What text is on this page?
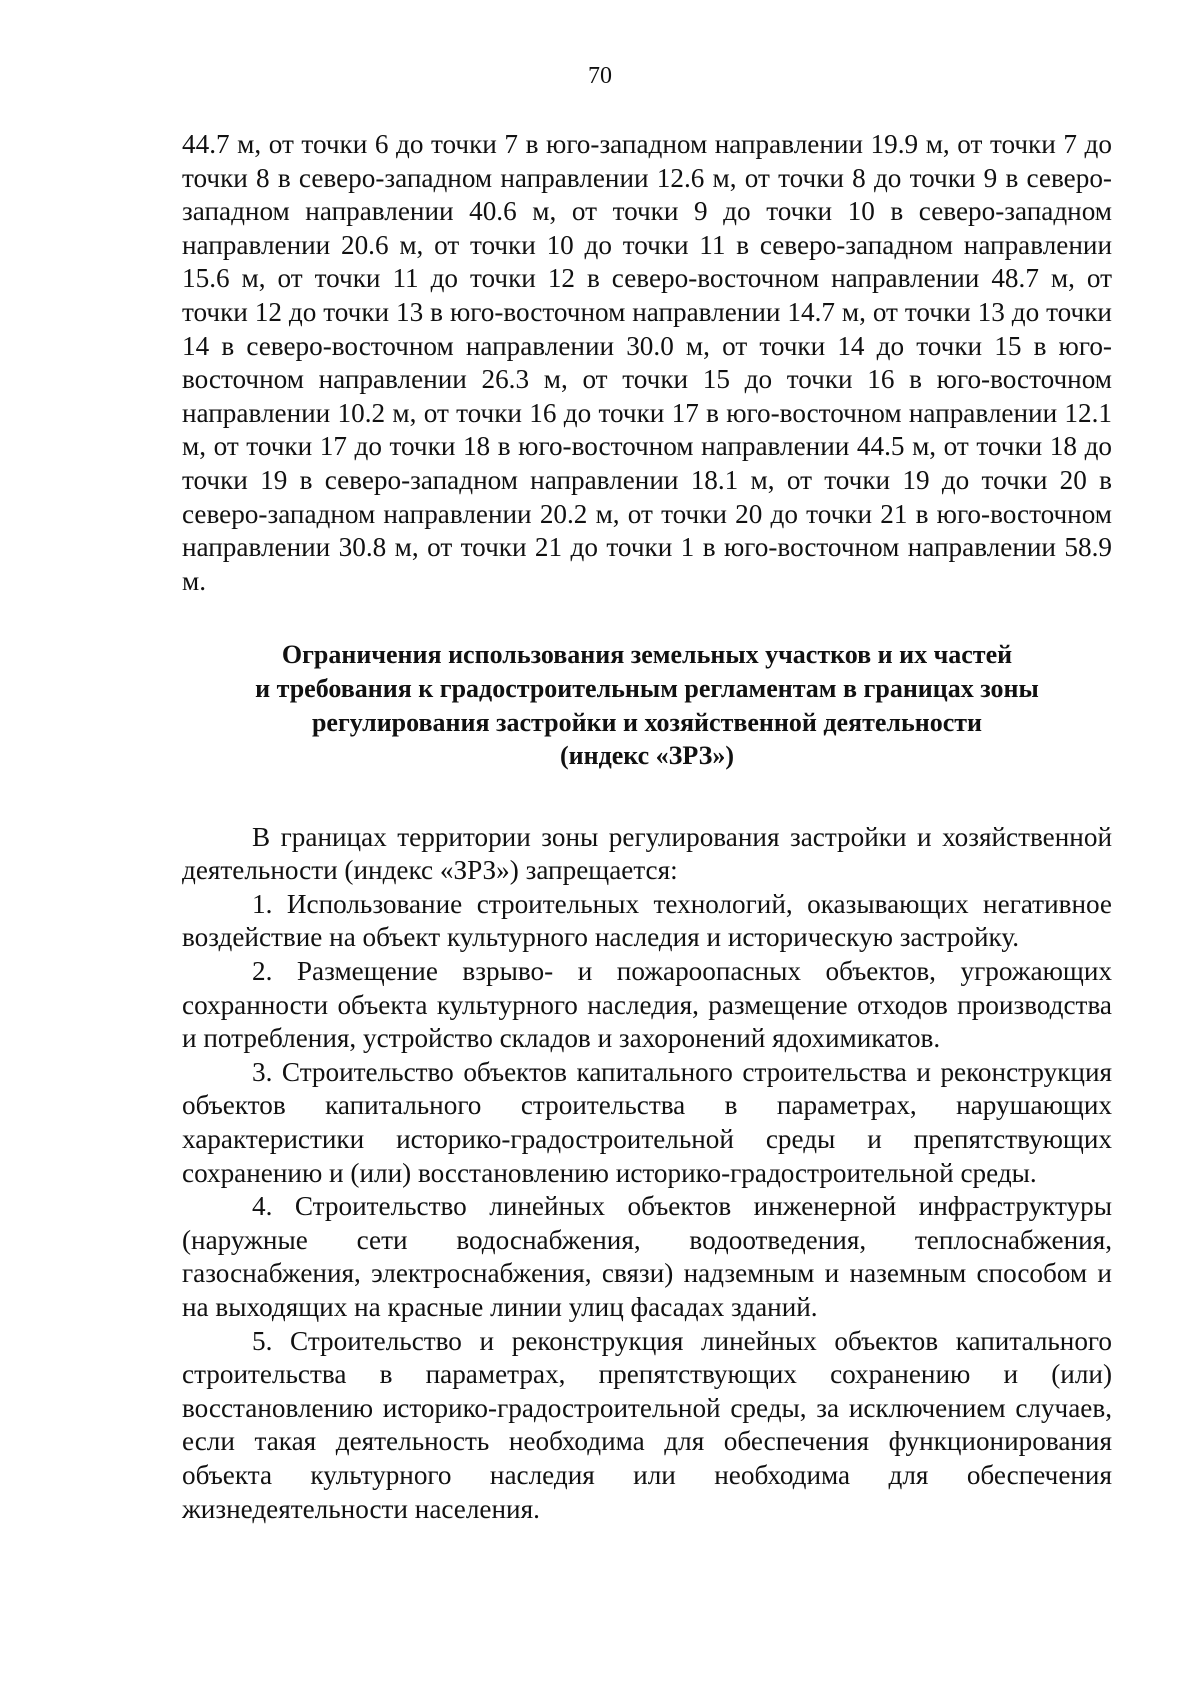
70

44.7 м, от точки 6 до точки 7 в юго-западном направлении 19.9 м, от точки 7 до точки 8 в северо-западном направлении 12.6 м, от точки 8 до точки 9 в северо-западном направлении 40.6 м, от точки 9 до точки 10 в северо-западном направлении 20.6 м, от точки 10 до точки 11 в северо-западном направлении 15.6 м, от точки 11 до точки 12 в северо-восточном направлении 48.7 м, от точки 12 до точки 13 в юго-восточном направлении 14.7 м, от точки 13 до точки 14 в северо-восточном направлении 30.0 м, от точки 14 до точки 15 в юго-восточном направлении 26.3 м, от точки 15 до точки 16 в юго-восточном направлении 10.2 м, от точки 16 до точки 17 в юго-восточном направлении 12.1 м, от точки 17 до точки 18 в юго-восточном направлении 44.5 м, от точки 18 до точки 19 в северо-западном направлении 18.1 м, от точки 19 до точки 20 в северо-западном направлении 20.2 м, от точки 20 до точки 21 в юго-восточном направлении 30.8 м, от точки 21 до точки 1 в юго-восточном направлении 58.9 м.

Ограничения использования земельных участков и их частей
и требования к градостроительным регламентам в границах зоны
регулирования застройки и хозяйственной деятельности
(индекс «ЗРЗ»)

В границах территории зоны регулирования застройки и хозяйственной деятельности (индекс «ЗРЗ») запрещается:

1. Использование строительных технологий, оказывающих негативное воздействие на объект культурного наследия и историческую застройку.

2. Размещение взрыво- и пожароопасных объектов, угрожающих сохранности объекта культурного наследия, размещение отходов производства и потребления, устройство складов и захоронений ядохимикатов.

3. Строительство объектов капитального строительства и реконструкция объектов капитального строительства в параметрах, нарушающих характеристики историко-градостроительной среды и препятствующих сохранению и (или) восстановлению историко-градостроительной среды.

4. Строительство линейных объектов инженерной инфраструктуры (наружные сети водоснабжения, водоотведения, теплоснабжения, газоснабжения, электроснабжения, связи) надземным и наземным способом и на выходящих на красные линии улиц фасадах зданий.

5. Строительство и реконструкция линейных объектов капитального строительства в параметрах, препятствующих сохранению и (или) восстановлению историко-градостроительной среды, за исключением случаев, если такая деятельность необходима для обеспечения функционирования объекта культурного наследия или необходима для обеспечения жизнедеятельности населения.
